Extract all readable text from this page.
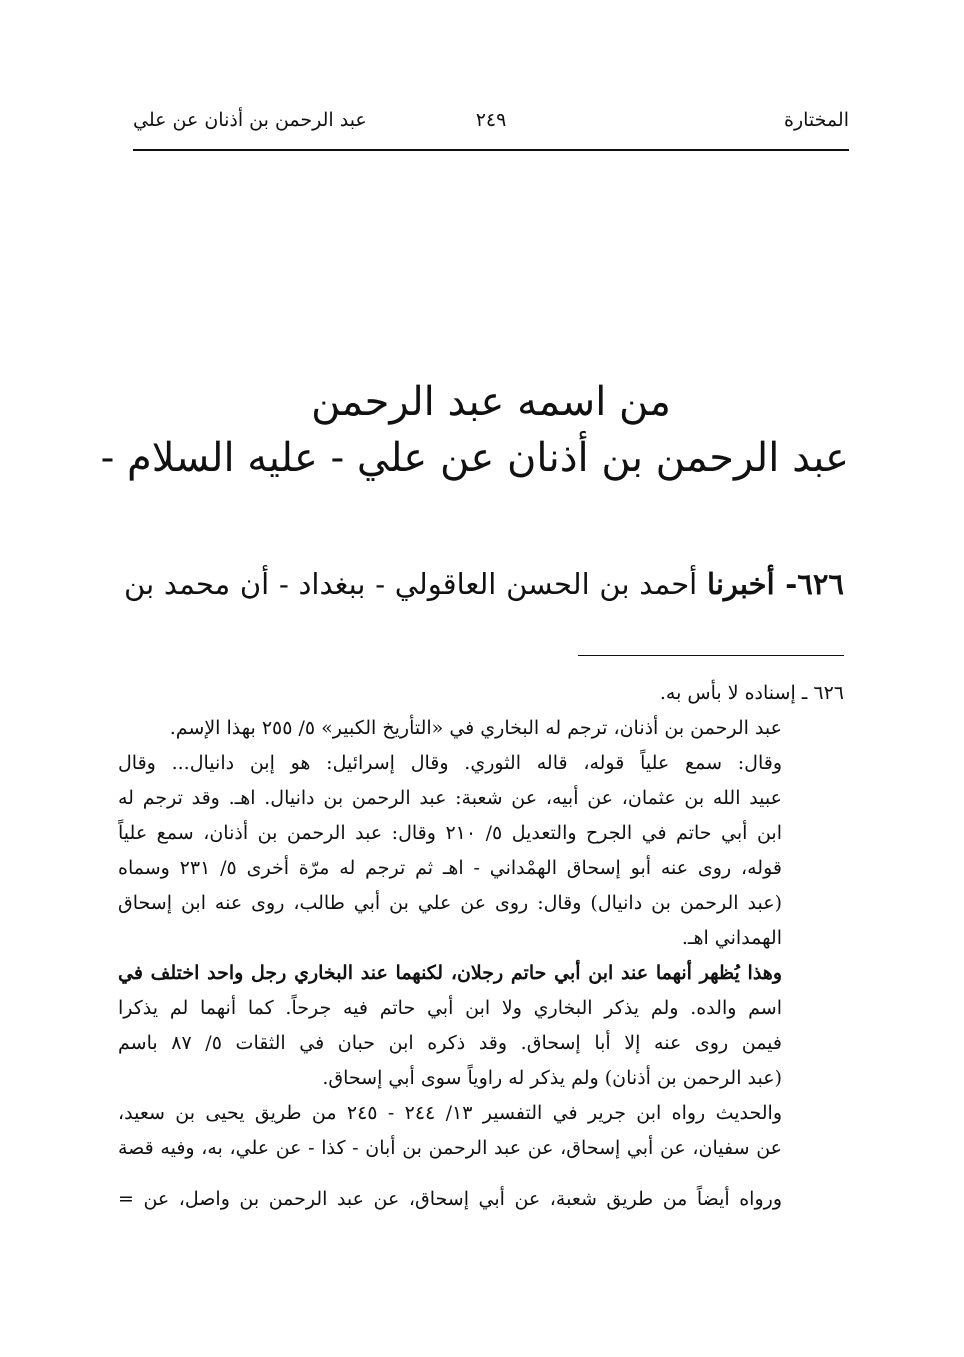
المختارة
٢٤٩
عبد الرحمن بن أذنان عن علي
من اسمه عبد الرحمن
عبد الرحمن بن أذنان عن علي - عليه السلام -
٦٢٦- أخبرنا أحمد بن الحسن العاقولي - ببغداد - أن محمد بن
٦٢٦ ـ إسناده لا بأس به.
عبد الرحمن بن أذنان، ترجم له البخاري في «التأريخ الكبير» ٥/ ٢٥٥ بهذا الإسم.
وقال: سمع علياً قوله، قاله الثوري. وقال إسرائيل: هو إبن دانيال... وقال
عبيد الله بن عثمان، عن أبيه، عن شعبة: عبد الرحمن بن دانيال. اهـ. وقد ترجم له
ابن أبي حاتم في الجرح والتعديل ٥/ ٢١٠ وقال: عبد الرحمن بن أذنان، سمع علياً
قوله، روى عنه أبو إسحاق الهمْداني - اهـ ثم ترجم له مرّة أخرى ٥/ ٢٣١ وسماه
(عبد الرحمن بن دانيال) وقال: روى عن علي بن أبي طالب، روى عنه ابن إسحاق
الهمداني اهـ.
وهذا يُظهر أنهما عند ابن أبي حاتم رجلان، لكنهما عند البخاري رجل واحد اختلف في
اسم والده. ولم يذكر البخاري ولا ابن أبي حاتم فيه جرحاً. كما أنهما لم يذكرا
فيمن روى عنه إلا أبا إسحاق. وقد ذكره ابن حبان في الثقات ٥/ ٨٧ باسم
(عبد الرحمن بن أذنان) ولم يذكر له راوياً سوى أبي إسحاق.
والحديث رواه ابن جرير في التفسير ١٣/ ٢٤٤ - ٢٤٥ من طريق يحيى بن سعيد،
عن سفيان، عن أبي إسحاق، عن عبد الرحمن بن أبان - كذا - عن علي، به، وفيه قصة
ورواه أيضاً من طريق شعبة، عن أبي إسحاق، عن عبد الرحمن بن واصل، عن =
